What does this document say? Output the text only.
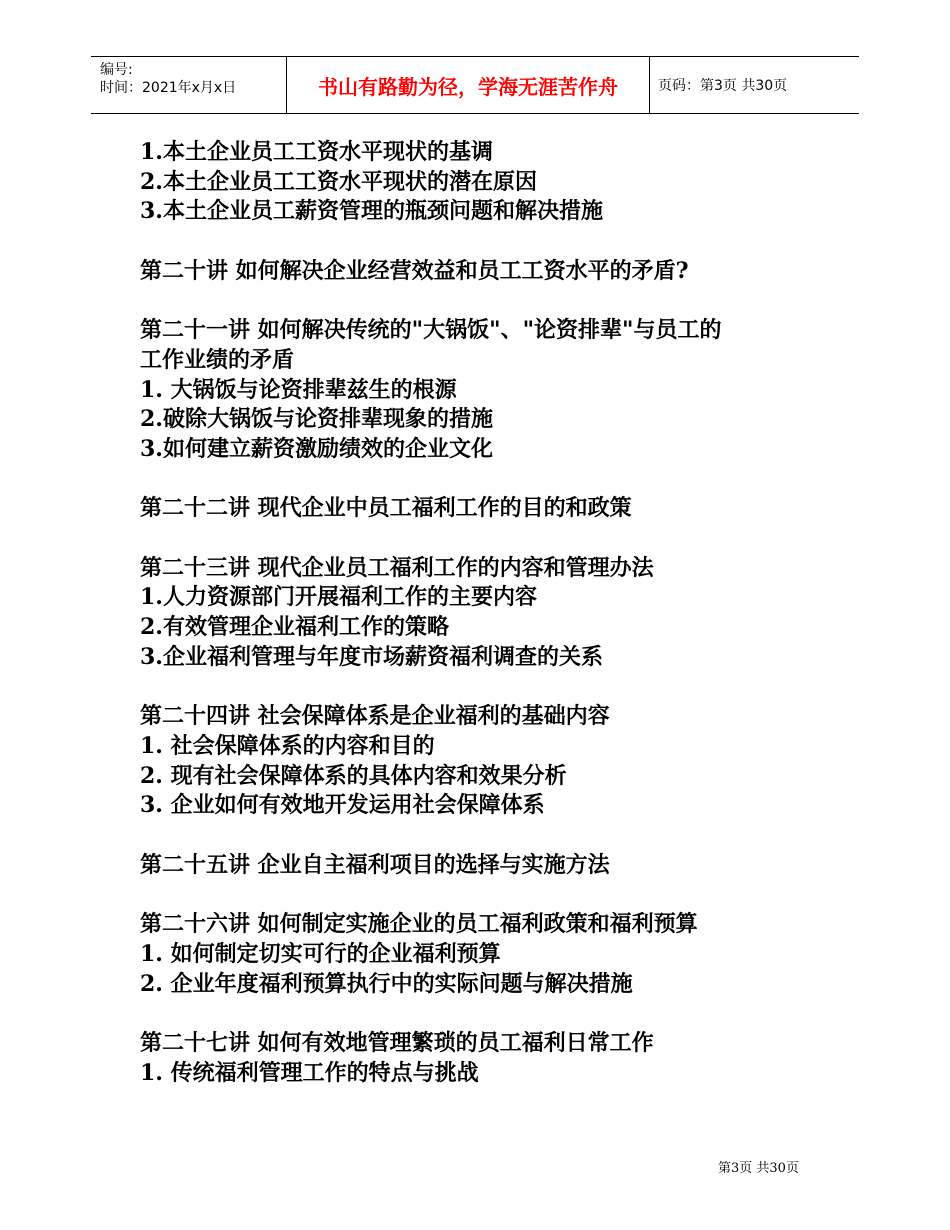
编号:
时间：2021年x月x日	书山有路勤为径，学海无涯苦作舟	页码：第3页 共30页
1.本土企业员工工资水平现状的基调
2.本土企业员工工资水平现状的潜在原因
3.本土企业员工薪资管理的瓶颈问题和解决措施
第二十讲 如何解决企业经营效益和员工工资水平的矛盾?
第二十一讲 如何解决传统的"大锅饭"、"论资排辈"与员工的
工作业绩的矛盾
1. 大锅饭与论资排辈兹生的根源
2.破除大锅饭与论资排辈现象的措施
3.如何建立薪资激励绩效的企业文化
第二十二讲 现代企业中员工福利工作的目的和政策
第二十三讲 现代企业员工福利工作的内容和管理办法
1.人力资源部门开展福利工作的主要内容
2.有效管理企业福利工作的策略
3.企业福利管理与年度市场薪资福利调查的关系
第二十四讲 社会保障体系是企业福利的基础内容
1. 社会保障体系的内容和目的
2. 现有社会保障体系的具体内容和效果分析
3. 企业如何有效地开发运用社会保障体系
第二十五讲 企业自主福利项目的选择与实施方法
第二十六讲 如何制定实施企业的员工福利政策和福利预算
1. 如何制定切实可行的企业福利预算
2. 企业年度福利预算执行中的实际问题与解决措施
第二十七讲 如何有效地管理繁琐的员工福利日常工作
1. 传统福利管理工作的特点与挑战
第3页 共30页
